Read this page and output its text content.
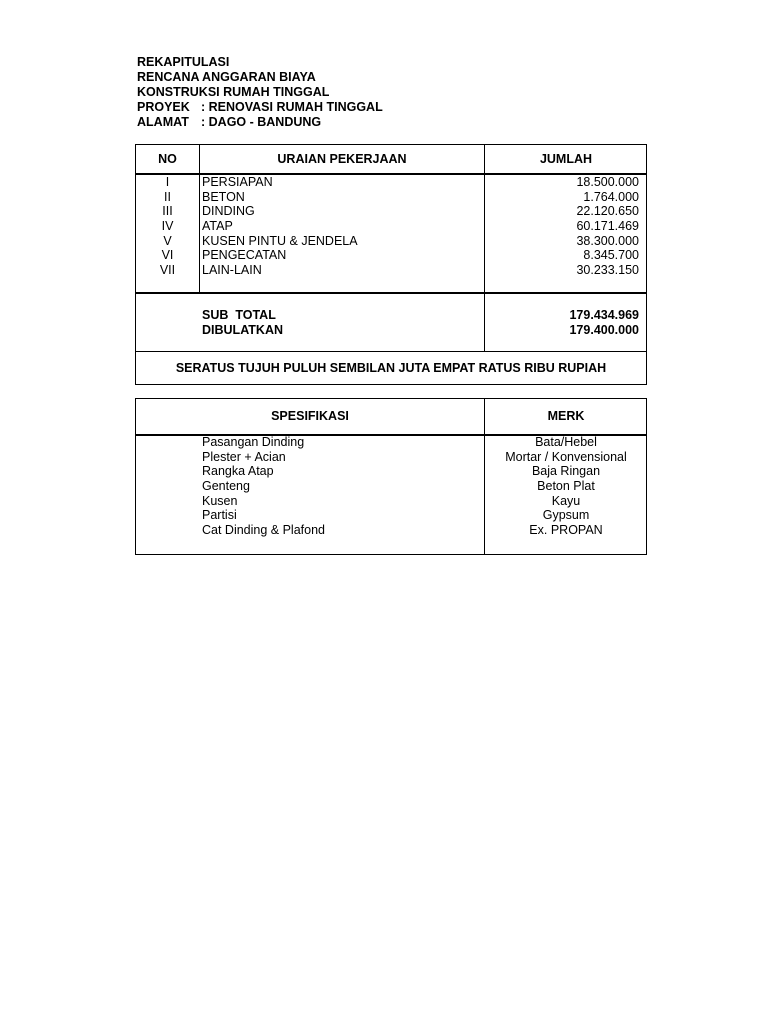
REKAPITULASI
RENCANA ANGGARAN BIAYA
KONSTRUKSI RUMAH TINGGAL
PROYEK : RENOVASI RUMAH TINGGAL
ALAMAT : DAGO - BANDUNG
NO	URAIAN PEKERJAAN	JUMLAH
I	PERSIAPAN	18.500.000
II	BETON	1.764.000
III	DINDING	22.120.650
IV	ATAP	60.171.469
V	KUSEN PINTU & JENDELA	38.300.000
VI	PENGECATAN	8.345.700
VII	LAIN-LAIN	30.233.150
SUB  TOTAL	179.434.969
DIBULATKAN	179.400.000
SERATUS TUJUH PULUH SEMBILAN JUTA EMPAT RATUS RIBU RUPIAH
SPESIFIKASI	MERK
Pasangan Dinding	Bata/Hebel
Plester + Acian	Mortar / Konvensional
Rangka Atap	Baja Ringan
Genteng	Beton Plat
Kusen	Kayu
Partisi	Gypsum
Cat Dinding & Plafond	Ex. PROPAN
